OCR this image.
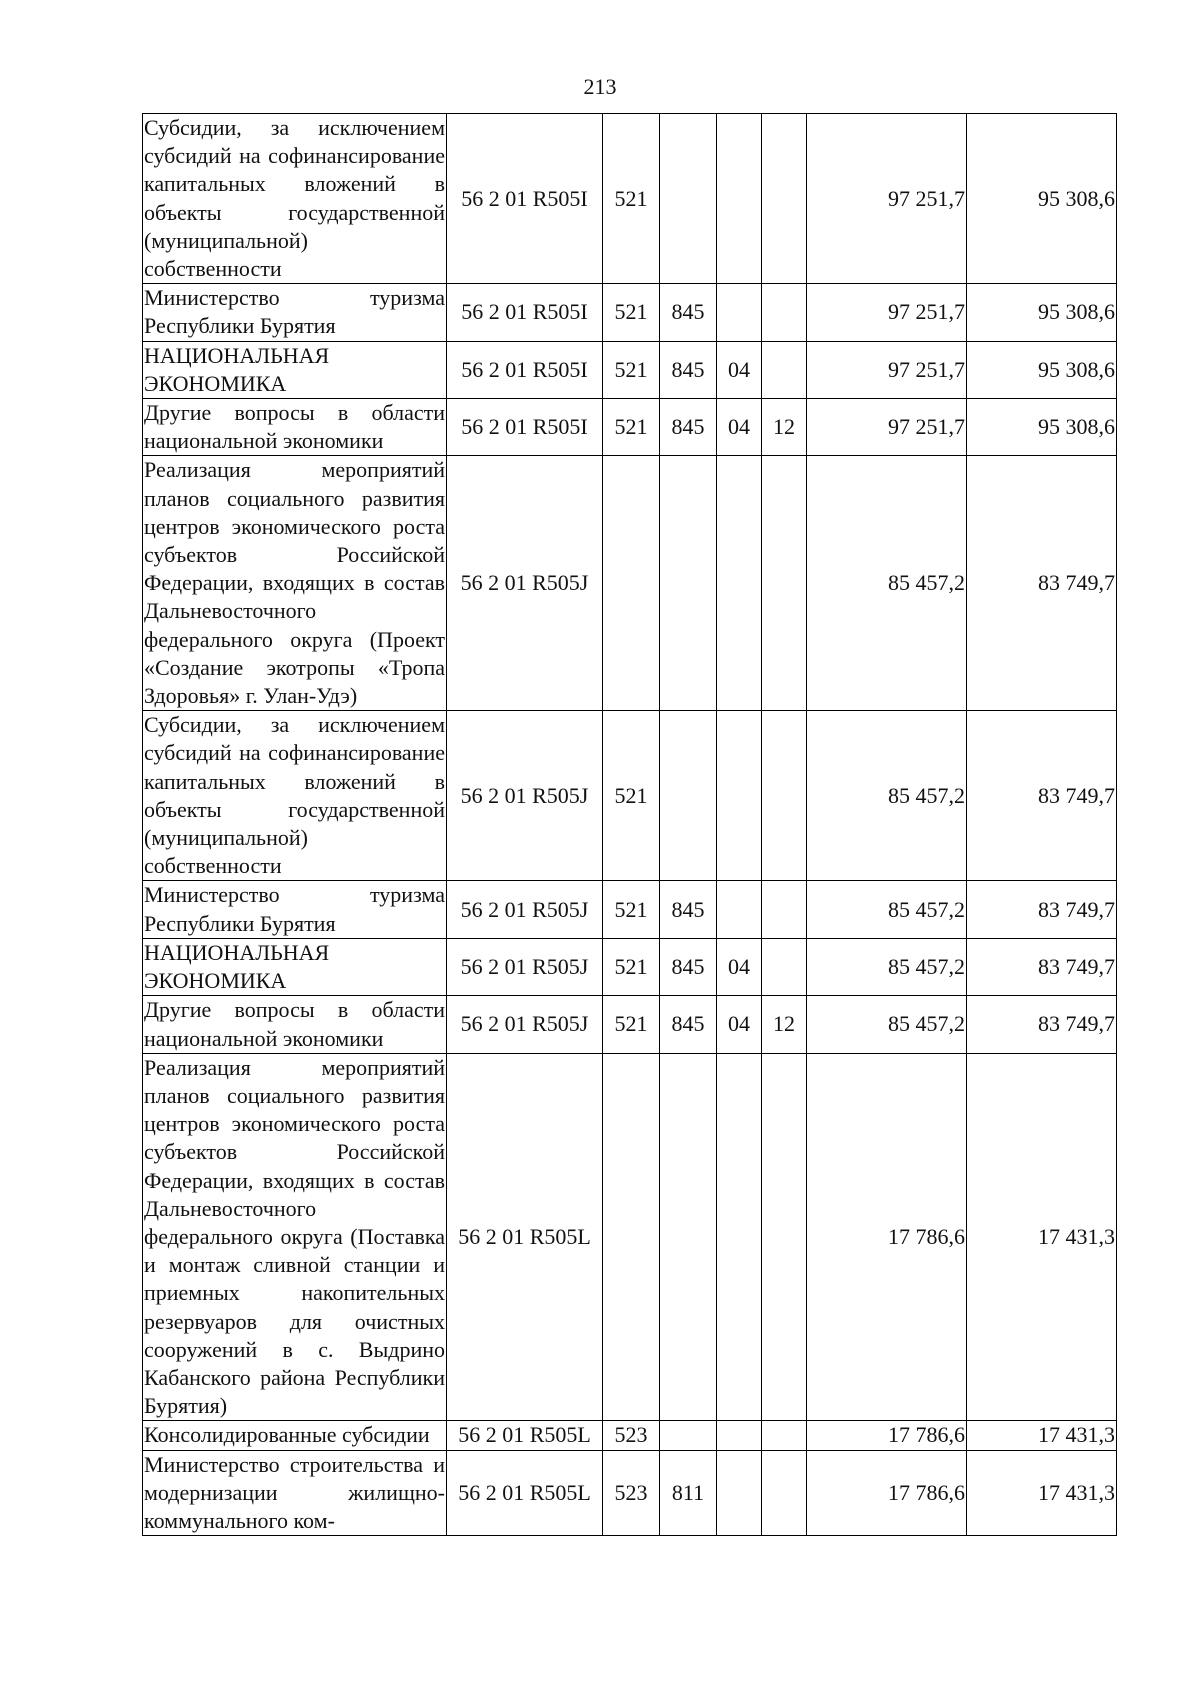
213
Субсидии, за исключением субсидий на софинансирование капитальных вложений в объекты государственной (муниципальной) собственности	56 2 01 R505I	521				97 251,7	95 308,6
Министерство туризма Республики Бурятия	56 2 01 R505I	521	845			97 251,7	95 308,6
НАЦИОНАЛЬНАЯ ЭКОНОМИКА	56 2 01 R505I	521	845	04		97 251,7	95 308,6
Другие вопросы в области национальной экономики	56 2 01 R505I	521	845	04	12	97 251,7	95 308,6
Реализация мероприятий планов социального развития центров экономического роста субъектов Российской Федерации, входящих в состав Дальневосточного федерального округа (Проект «Создание экотропы «Тропа Здоровья» г. Улан-Удэ)	56 2 01 R505J					85 457,2	83 749,7
Субсидии, за исключением субсидий на софинансирование капитальных вложений в объекты государственной (муниципальной) собственности	56 2 01 R505J	521				85 457,2	83 749,7
Министерство туризма Республики Бурятия	56 2 01 R505J	521	845			85 457,2	83 749,7
НАЦИОНАЛЬНАЯ ЭКОНОМИКА	56 2 01 R505J	521	845	04		85 457,2	83 749,7
Другие вопросы в области национальной экономики	56 2 01 R505J	521	845	04	12	85 457,2	83 749,7
Реализация мероприятий планов социального развития центров экономического роста субъектов Российской Федерации, входящих в состав Дальневосточного федерального округа (Поставка и монтаж сливной станции и приемных накопительных резервуаров для очистных сооружений в с. Выдрино Кабанского района Республики Бурятия)	56 2 01 R505L					17 786,6	17 431,3
Консолидированные субсидии	56 2 01 R505L	523				17 786,6	17 431,3
Министерство строительства и модернизации жилищно-коммунального ком-	56 2 01 R505L	523	811			17 786,6	17 431,3
